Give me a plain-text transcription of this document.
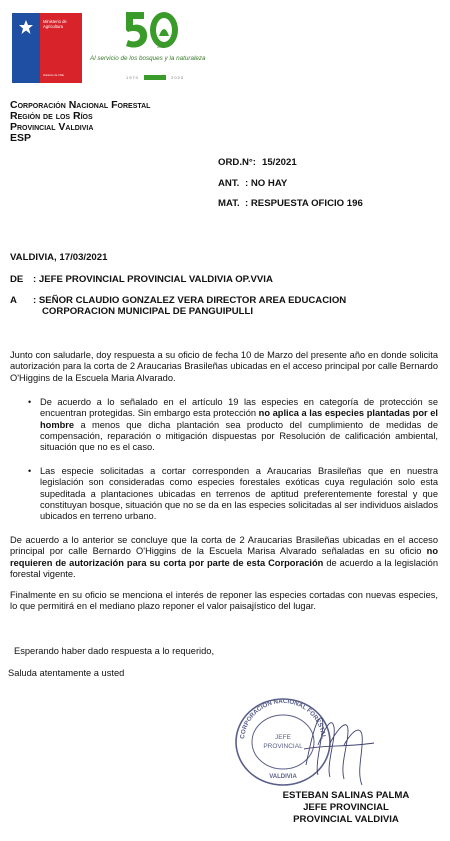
Ministerio de
Agricultura
Gobierno de Chile
conaf
Al servicio de los bosques y la naturaleza
1970	2020
Corporación Nacional Forestal
Región de los Ríos
Provincial Valdivia
ESP
ORD.N°: 15/2021
ANT. : NO HAY
MAT. : RESPUESTA OFICIO 196
VALDIVIA, 17/03/2021
DE : JEFE PROVINCIAL PROVINCIAL VALDIVIA OP.VVIA
A : SEÑOR CLAUDIO GONZALEZ VERA DIRECTOR AREA EDUCACION
CORPORACION MUNICIPAL DE PANGUIPULLI
Junto con saludarle, doy respuesta a su oficio de fecha 10 de Marzo del presente año en donde solicita autorización para la corta de 2 Araucarias Brasileñas ubicadas en el acceso principal por calle Bernardo O'Higgins de la Escuela Maria Alvarado.
• De acuerdo a lo señalado en el artículo 19 las especies en categoría de protección se encuentran protegidas. Sin embargo esta protección no aplica a las especies plantadas por el hombre a menos que dicha plantación sea producto del cumplimiento de medidas de compensación, reparación o mitigación dispuestas por Resolución de calificación ambiental, situación que no es el caso.
• Las especie solicitadas a cortar corresponden a Araucarias Brasileñas que en nuestra legislación son consideradas como especies forestales exóticas cuya regulación solo esta supeditada a plantaciones ubicadas en terrenos de aptitud preferentemente forestal y que constituyan bosque, situación que no se da en las especies solicitadas al ser individuos aislados ubicados en terreno urbano.
De acuerdo a lo anterior se concluye que la corta de 2 Araucarias Brasileñas ubicadas en el acceso principal por calle Bernardo O'Higgins de la Escuela Marisa Alvarado señaladas en su oficio no requieren de autorización para su corta por parte de esta Corporación de acuerdo a la legislación forestal vigente.
Finalmente en su oficio se menciona el interés de reponer las especies cortadas con nuevas especies, lo que permitirá en el mediano plazo reponer el valor paisajístico del lugar.
Esperando haber dado respuesta a lo requerido,
Saluda atentamente a usted
CORPORACIÓN NACIONAL FORESTAL
JEFE
PROVINCIAL
VALDIVIA
ESTEBAN SALINAS PALMA
JEFE PROVINCIAL
PROVINCIAL VALDIVIA
